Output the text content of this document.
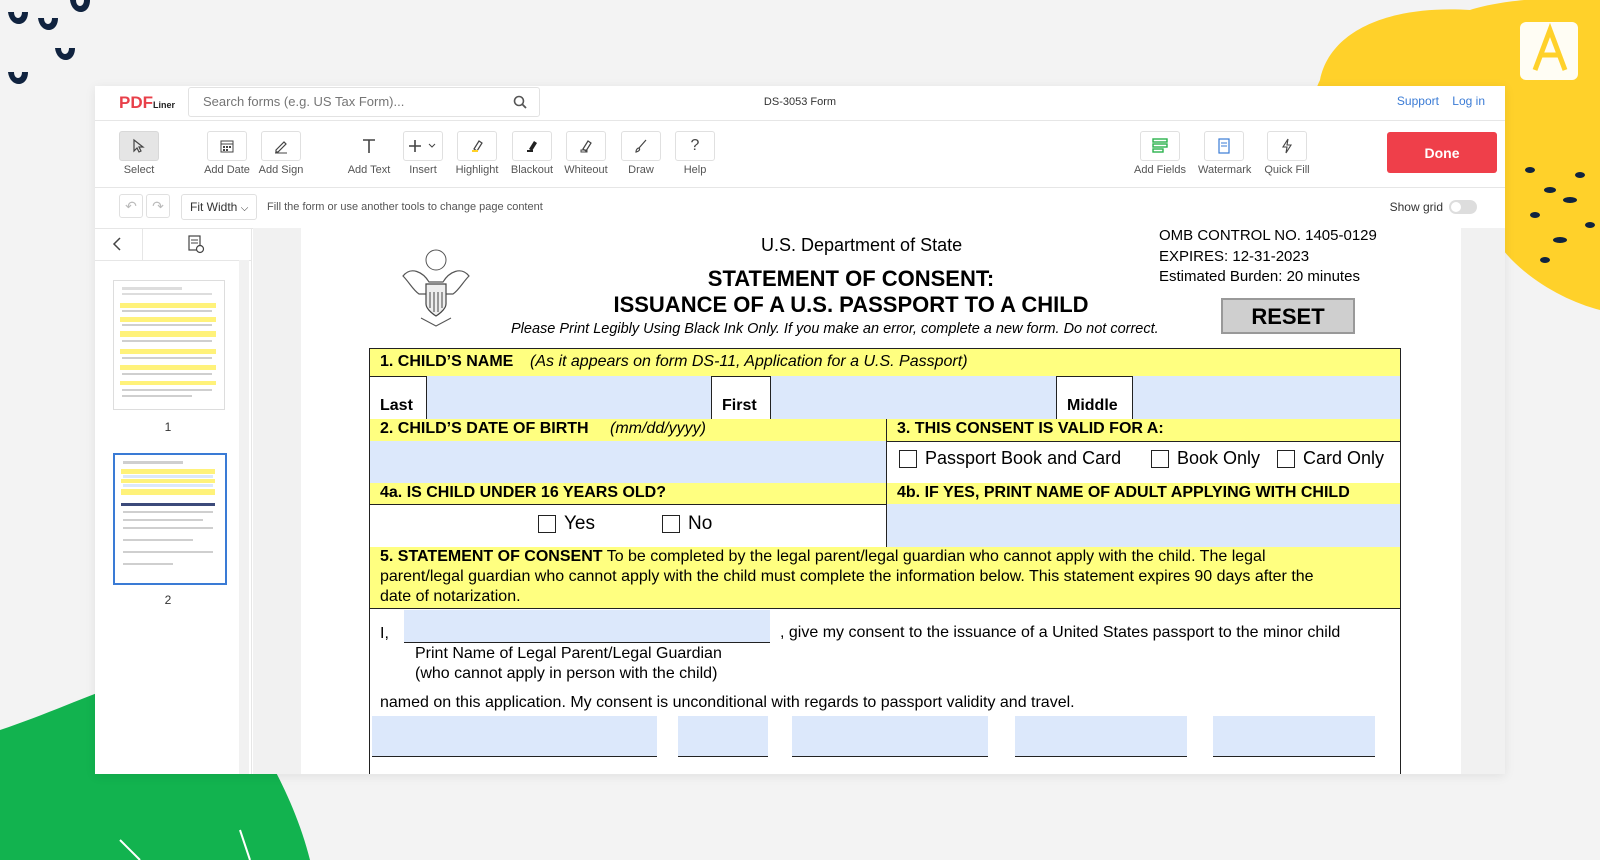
PDFLiner
Search forms (e.g. US Tax Form)...	DS-3053 Form	Support Log in
Select	Add Date Add Sign	Add Text	Insert	Highlight	Blackout	Whiteout	Draw
?
Help	Add Fields Watermark	Quick Fill
Done
↶ ↷	Fit Width ⌵	Fill the form or use another tools to change page content	Show grid
1
2
U.S. Department of State	OMB CONTROL NO. 1405-0129
EXPIRES: 12-31-2023
Estimated Burden: 20 minutes
STATEMENT OF CONSENT:
ISSUANCE OF A U.S. PASSPORT TO A CHILD
Please Print Legibly Using Black Ink Only. If you make an error, complete a new form. Do not correct.	RESET
1. CHILD’S NAME (As it appears on form DS-11, Application for a U.S. Passport)
Last	First	Middle
2. CHILD’S DATE OF BIRTH (mm/dd/yyyy)	3. THIS CONSENT IS VALID FOR A:
Passport Book and Card	Book Only	Card Only
4a. IS CHILD UNDER 16 YEARS OLD?	4b. IF YES, PRINT NAME OF ADULT APPLYING WITH CHILD
Yes	No
5. STATEMENT OF CONSENT To be completed by the legal parent/legal guardian who cannot apply with the child. The legal
parent/legal guardian who cannot apply with the child must complete the information below. This statement expires 90 days after the
date of notarization.
I,	, give my consent to the issuance of a United States passport to the minor child
Print Name of Legal Parent/Legal Guardian
(who cannot apply in person with the child)
named on this application. My consent is unconditional with regards to passport validity and travel.
